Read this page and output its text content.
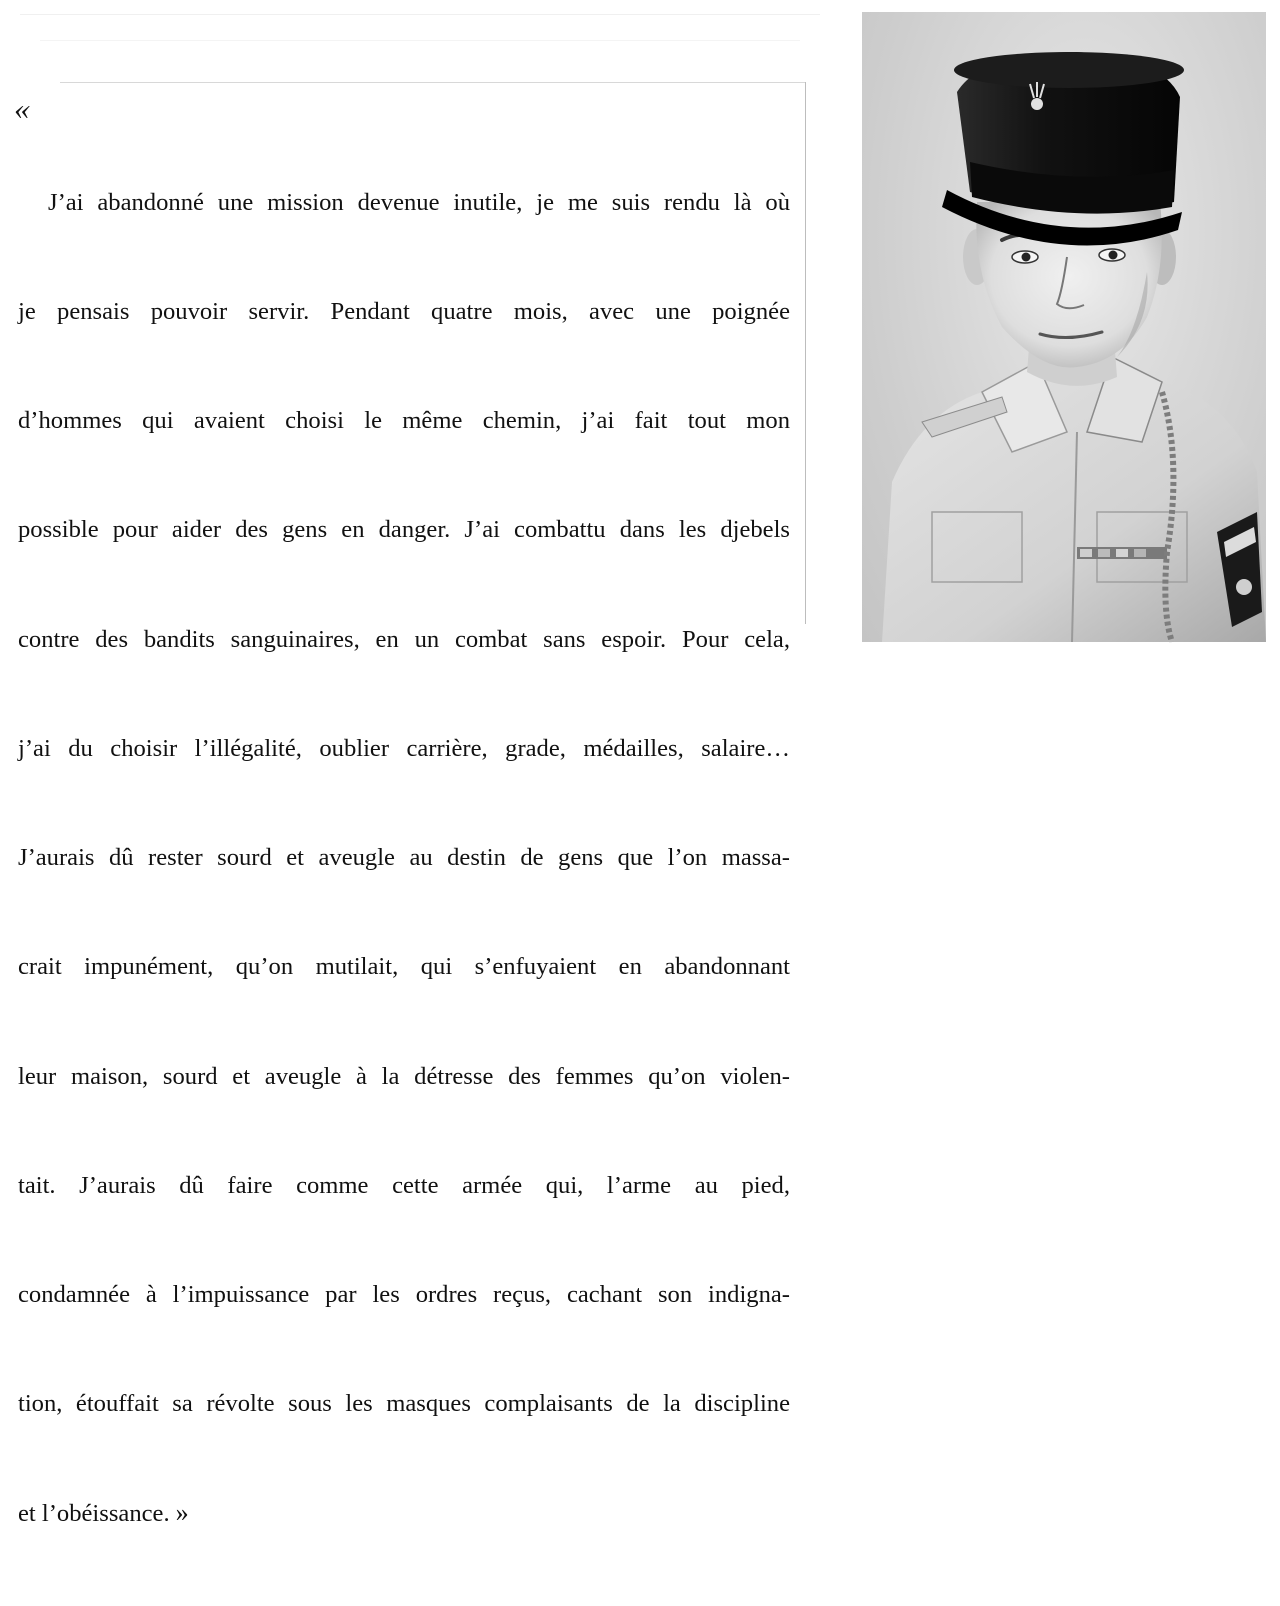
«

J’ai abandonné une mission devenue inutile, je me suis rendu là où

je pensais pouvoir servir. Pendant quatre mois, avec une poignée

d’hommes qui avaient choisi le même chemin, j’ai fait tout mon

possible pour aider des gens en danger. J’ai combattu dans les djebels

contre des bandits sanguinaires, en un combat sans espoir. Pour cela,

j’ai du choisir l’illégalité, oublier carrière, grade, médailles, salaire…

J’aurais dû rester sourd et aveugle au destin de gens que l’on massa-

crait impunément, qu’on mutilait, qui s’enfuyaient en abandonnant

leur maison, sourd et aveugle à la détresse des femmes qu’on violen-

tait. J’aurais dû faire comme cette armée qui, l’arme au pied,

condamnée à l’impuissance par les ordres reçus, cachant son indigna-

tion, étouffait sa révolte sous les masques complaisants de la discipline

et l’obéissance. »
